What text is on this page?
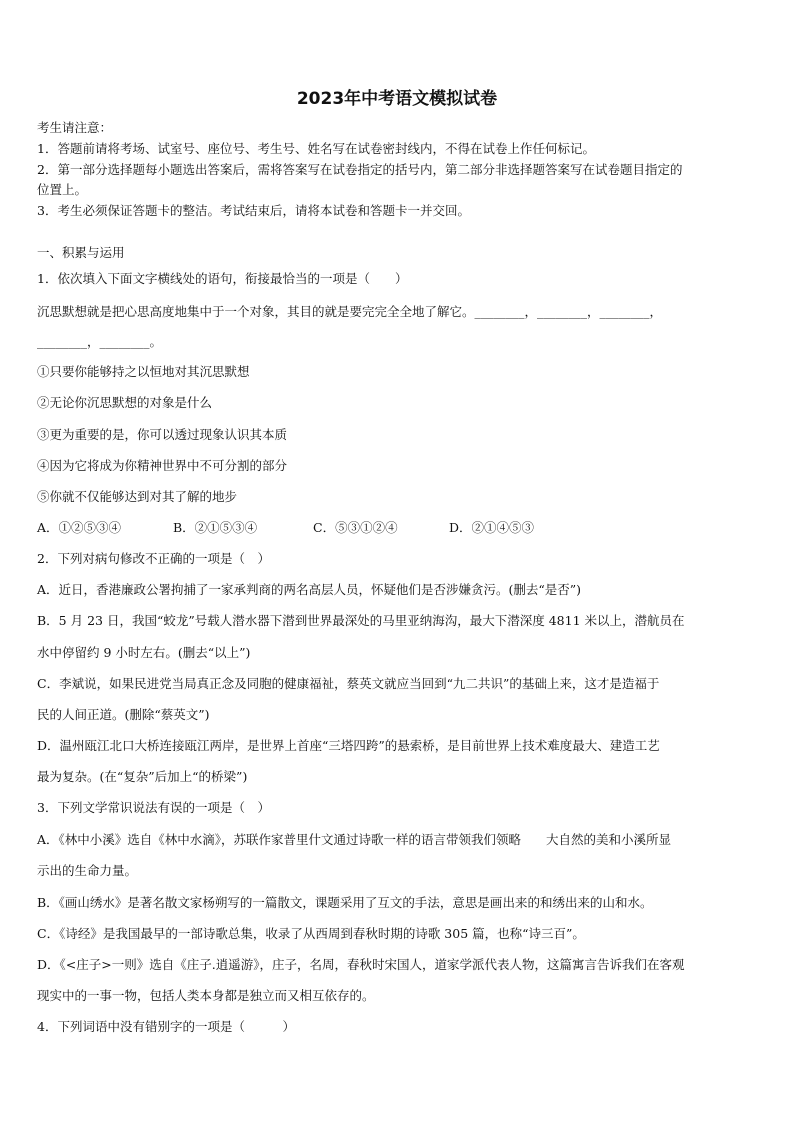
2023年中考语文模拟试卷
考生请注意：
1．答题前请将考场、试室号、座位号、考生号、姓名写在试卷密封线内，不得在试卷上作任何标记。
2．第一部分选择题每小题选出答案后，需将答案写在试卷指定的括号内，第二部分非选择题答案写在试卷题目指定的
位置上。
3．考生必须保证答题卡的整洁。考试结束后，请将本试卷和答题卡一并交回。
一、积累与运用
1．依次填入下面文字横线处的语句，衔接最恰当的一项是（　　）
沉思默想就是把心思高度地集中于一个对象，其目的就是要完完全全地了解它。________，________，________，
________，________。
①只要你能够持之以恒地对其沉思默想
②无论你沉思默想的对象是什么
③更为重要的是，你可以透过现象认识其本质
④因为它将成为你精神世界中不可分割的部分
⑤你就不仅能够达到对其了解的地步
A．①②⑤③④	B．②①⑤③④	C．⑤③①②④	D．②①④⑤③
2．下列对病句修改不正确的一项是（　）
A．近日，香港廉政公署拘捕了一家承判商的两名高层人员，怀疑他们是否涉嫌贪污。(删去“是否”)
B．5 月 23 日，我国“蛟龙”号载人潜水器下潜到世界最深处的马里亚纳海沟，最大下潜深度 4811 米以上，潜航员在
水中停留约 9 小时左右。(删去“以上”)
C．李斌说，如果民进党当局真正念及同胞的健康福祉，蔡英文就应当回到“九二共识”的基础上来，这才是造福于
民的人间正道。(删除“蔡英文”)
D．温州瓯江北口大桥连接瓯江两岸，是世界上首座“三塔四跨”的悬索桥，是目前世界上技术难度最大、建造工艺
最为复杂。(在“复杂”后加上“的桥梁”)
3．下列文学常识说法有误的一项是（　）
A．《林中小溪》选自《林中水滴》，苏联作家普里什文通过诗歌一样的语言带领我们领略　　大自然的美和小溪所显
示出的生命力量。
B．《画山绣水》是著名散文家杨朔写的一篇散文，课题采用了互文的手法，意思是画出来的和绣出来的山和水。
C．《诗经》是我国最早的一部诗歌总集，收录了从西周到春秋时期的诗歌 305 篇，也称“诗三百”。
D．《<庄子>一则》选自《庄子.逍遥游》，庄子，名周，春秋时宋国人，道家学派代表人物，这篇寓言告诉我们在客观
现实中的一事一物，包括人类本身都是独立而又相互依存的。
4．下列词语中没有错别字的一项是（　　　）
